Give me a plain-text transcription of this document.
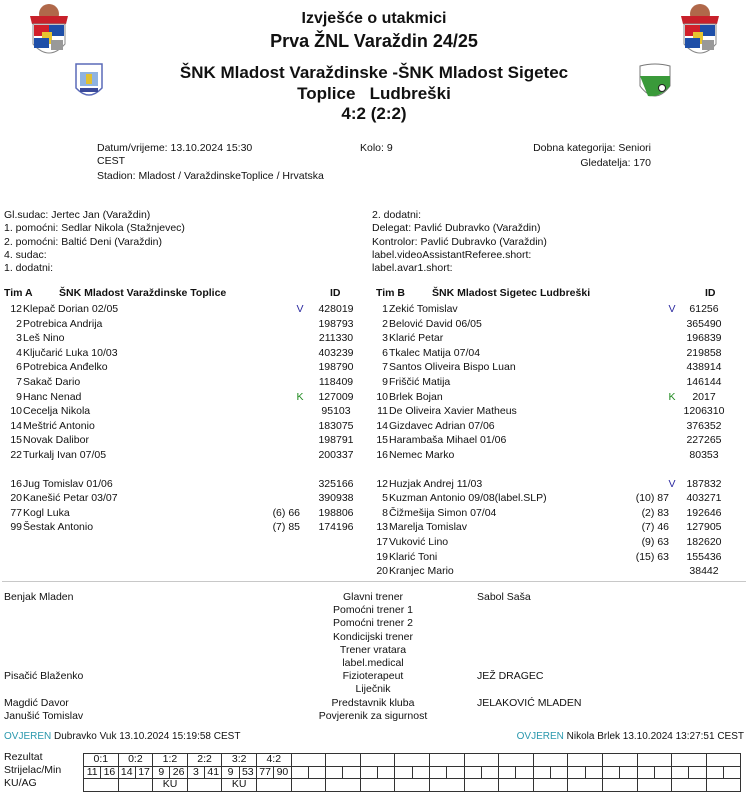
Izvješće o utakmici
Prva ŽNL Varaždin 24/25
ŠNK Mladost Varaždinske -ŠNK Mladost Sigetec
Toplice Ludbreški
4:2 (2:2)
Datum/vrijeme: 13.10.2024 15:30
CEST
Stadion: Mladost / VaraždinskeToplice / Hrvatska
Kolo: 9	Dobna kategorija: Seniori
Gledatelja: 170
Gl.sudac: Jertec Jan (Varaždin)
1. pomoćni: Sedlar Nikola (Stažnjevec)
2. pomoćni: Baltić Deni (Varaždin)
4. sudac:
1. dodatni:
2. dodatni:
Delegat: Pavlić Dubravko (Varaždin)
Kontrolor: Pavlić Dubravko (Varaždin)
label.videoAssistantReferee.short:
label.avar1.short:
Tim A	ŠNK Mladost Varaždinske Toplice	ID	Tim B	ŠNK Mladost Sigetec Ludbreški	ID
12 Klepač Dorian 02/05	V	428019
2 Potrebica Andrija	198793
3 Leš Nino	211330
4 Ključarić Luka 10/03	403239
6 Potrebica Anđelko	198790
7 Sakač Dario	118409
9 Hanc Nenad	K	127009
10 Cecelja Nikola	95103
14 Meštrić Antonio	183075
15 Novak Dalibor	198791
22 Turkalj Ivan 07/05	200337
16 Jug Tomislav 01/06	325166
20 Kanešić Petar 03/07	390938
77 Kogl Luka	(6) 66	198806
99 Šestak Antonio	(7) 85	174196
1 Zekić Tomislav	V	61256
2 Belović David 06/05	365490
3 Klarić Petar	196839
6 Tkalec Matija 07/04	219858
7 Santos Oliveira Bispo Luan	438914
9 Friščić Matija	146144
10 Brlek Bojan	K	2017
11 De Oliveira Xavier Matheus	1206310
14 Gizdavec Adrian 07/06	376352
15 Harambaša Mihael 01/06	227265
16 Nemec Marko	80353
12 Huzjak Andrej 11/03	V	187832
5 Kuzman Antonio 09/08(label.SLP)	(10) 87	403271
8 Čižmešija Simon 07/04	(2) 83	192646
13 Marelja Tomislav	(7) 46	127905
17 Vuković Lino	(9) 63	182620
19 Klarić Toni	(15) 63	155436
20 Kranjec Mario	38442
Benjak Mladen	Glavni trener	Sabol Saša
Pomoćni trener 1
Pomoćni trener 2
Kondicijski trener
Trener vratara
label.medical
Pisačić Blaženko	Fizioterapeut	JEŽ DRAGEC
Liječnik
Magdić Davor	Predstavnik kluba	JELAKOVIĆ MLADEN
Janušić Tomislav	Povjerenik za sigurnost
OVJEREN Dubravko Vuk 13.10.2024 15:19:58 CEST	OVJEREN Nikola Brlek 13.10.2024 13:27:51 CEST
Rezultat
Strijelac/Min
KU/AG
0:1		0:2		1:2		2:2		3:2		4:2																											
11	16	14	17	9	26	3	41	9	53	77	90																										
				KU				KU																													
